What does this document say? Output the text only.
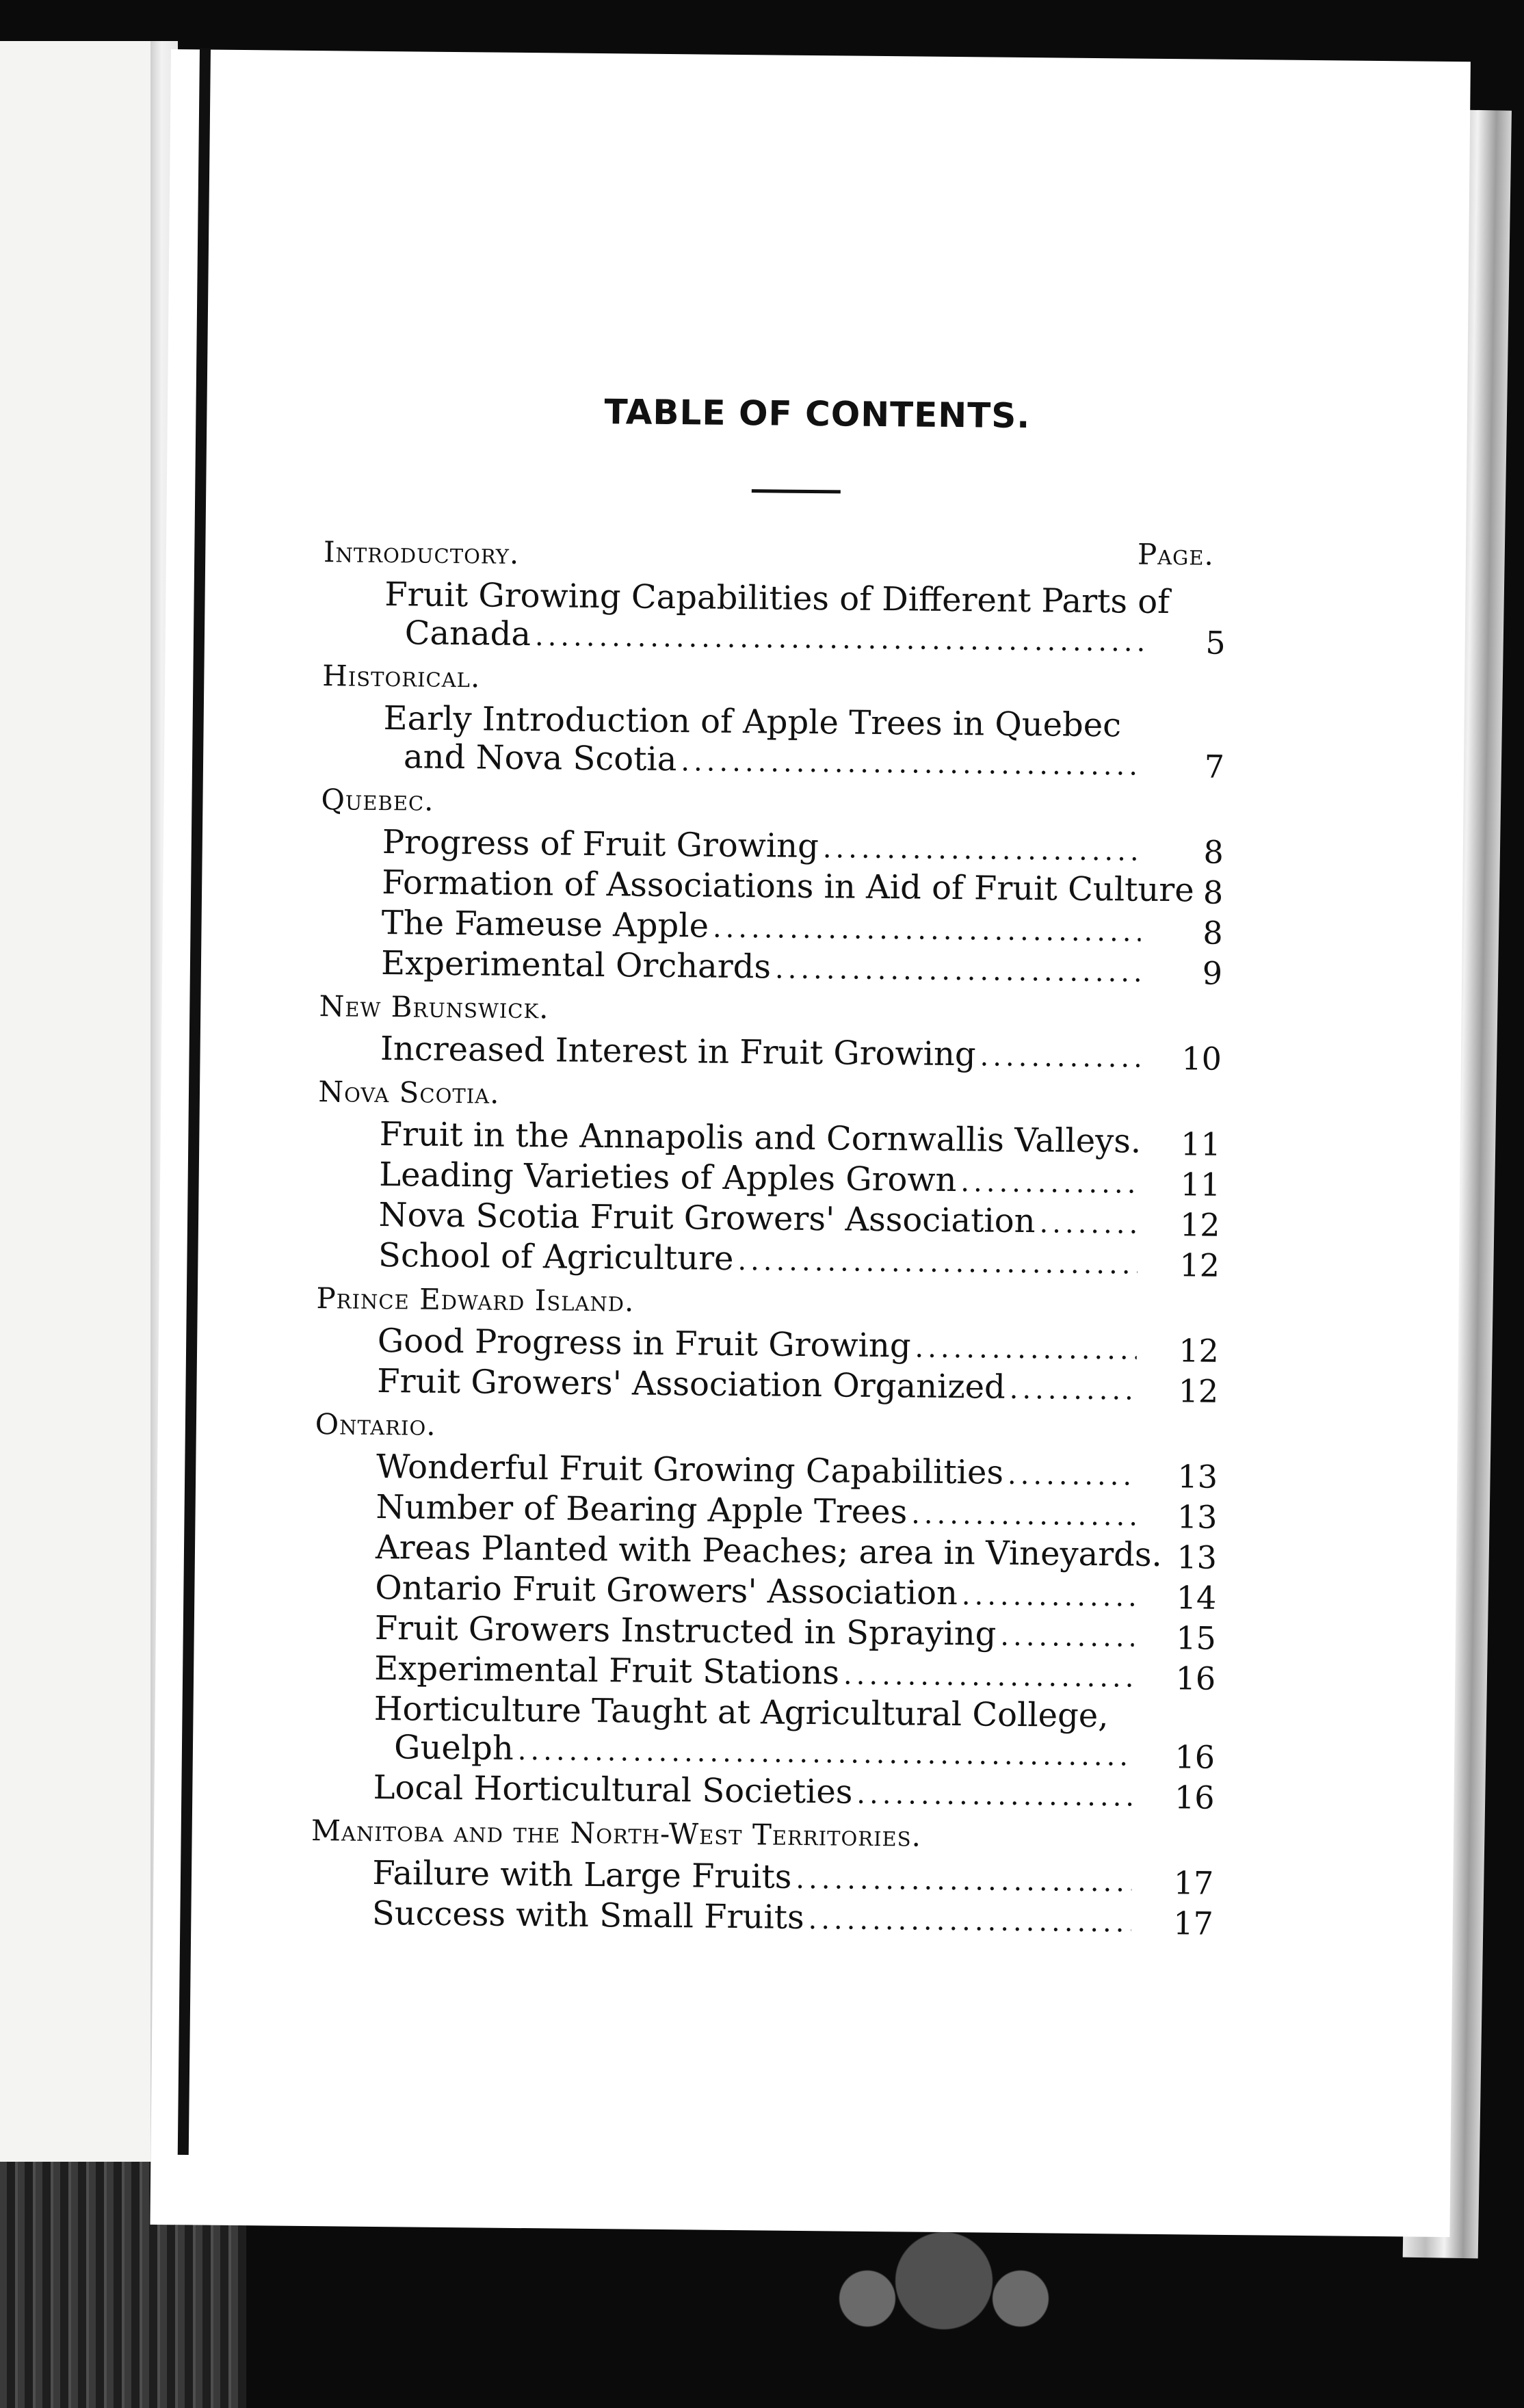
TABLE OF CONTENTS.
Page.
Introductory.
Fruit Growing Capabilities of Different Parts of
Canada .....	5
Historical.
Early Introduction of Apple Trees in Quebec
and Nova Scotia .....	7
Quebec.
Progress of Fruit Growing .....	8
Formation of Associations in Aid of Fruit Culture ..... 8
The Fameuse Apple .....	8
Experimental Orchards .....	9
New Brunswick.
Increased Interest in Fruit Growing .....	10
Nova Scotia.
Fruit in the Annapolis and Cornwallis Valleys. .....	11
Leading Varieties of Apples Grown .....	11
Nova Scotia Fruit Growers' Association .....	12
School of Agriculture .....	12
Prince Edward Island.
Good Progress in Fruit Growing .....	12
Fruit Growers' Association Organized .....	12
Ontario.
Wonderful Fruit Growing Capabilities .....	13
Number of Bearing Apple Trees .....	13
Areas Planted with Peaches; area in Vineyards. ..... 13
Ontario Fruit Growers' Association .....	14
Fruit Growers Instructed in Spraying .....	15
Experimental Fruit Stations .....	16
Horticulture Taught at Agricultural College,
Guelph .....	16
Local Horticultural Societies .....	16
Manitoba and the North-West Territories.
Failure with Large Fruits .....	17
Success with Small Fruits .....	17
